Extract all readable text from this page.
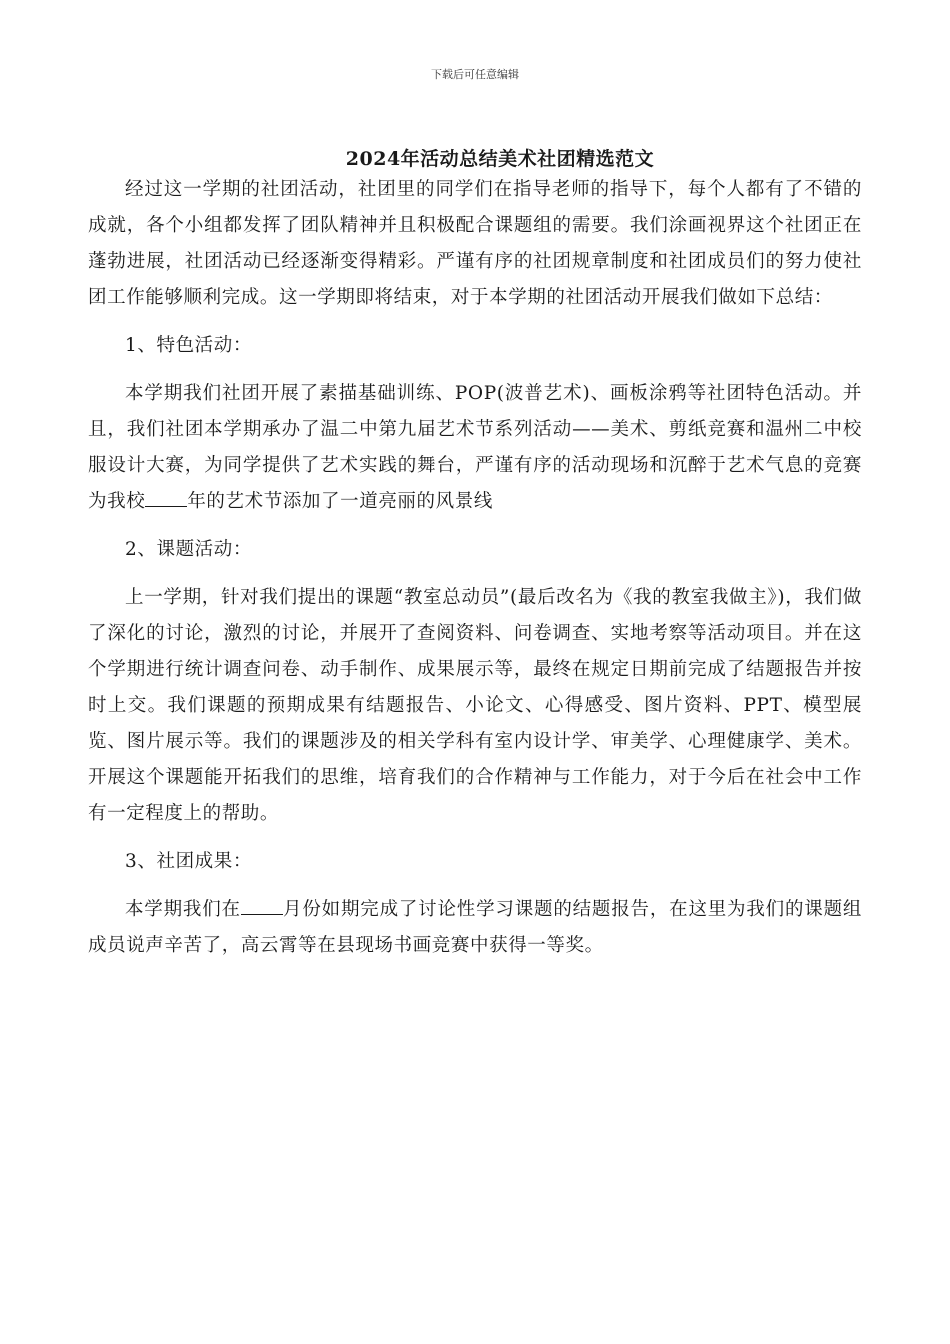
下载后可任意编辑
2024年活动总结美术社团精选范文

经过这一学期的社团活动，社团里的同学们在指导老师的指导下，每个人都有了不错的成就，各个小组都发挥了团队精神并且积极配合课题组的需要。我们涂画视界这个社团正在蓬勃进展，社团活动已经逐渐变得精彩。严谨有序的社团规章制度和社团成员们的努力使社团工作能够顺利完成。这一学期即将结束，对于本学期的社团活动开展我们做如下总结：

1、特色活动：

本学期我们社团开展了素描基础训练、POP(波普艺术)、画板涂鸦等社团特色活动。并且，我们社团本学期承办了温二中第九届艺术节系列活动——美术、剪纸竞赛和温州二中校服设计大赛，为同学提供了艺术实践的舞台，严谨有序的活动现场和沉醉于艺术气息的竞赛为我校 年的艺术节添加了一道亮丽的风景线

2、课题活动：

上一学期，针对我们提出的课题“教室总动员”(最后改名为《我的教室我做主》)，我们做了深化的讨论，激烈的讨论，并展开了查阅资料、问卷调查、实地考察等活动项目。并在这个学期进行统计调查问卷、动手制作、成果展示等，最终在规定日期前完成了结题报告并按时上交。我们课题的预期成果有结题报告、小论文、心得感受、图片资料、PPT、模型展览、图片展示等。我们的课题涉及的相关学科有室内设计学、审美学、心理健康学、美术。开展这个课题能开拓我们的思维，培育我们的合作精神与工作能力，对于今后在社会中工作有一定程度上的帮助。

3、社团成果：

本学期我们在 月份如期完成了讨论性学习课题的结题报告，在这里为我们的课题组成员说声辛苦了，高云霄等在县现场书画竞赛中获得一等奖。
